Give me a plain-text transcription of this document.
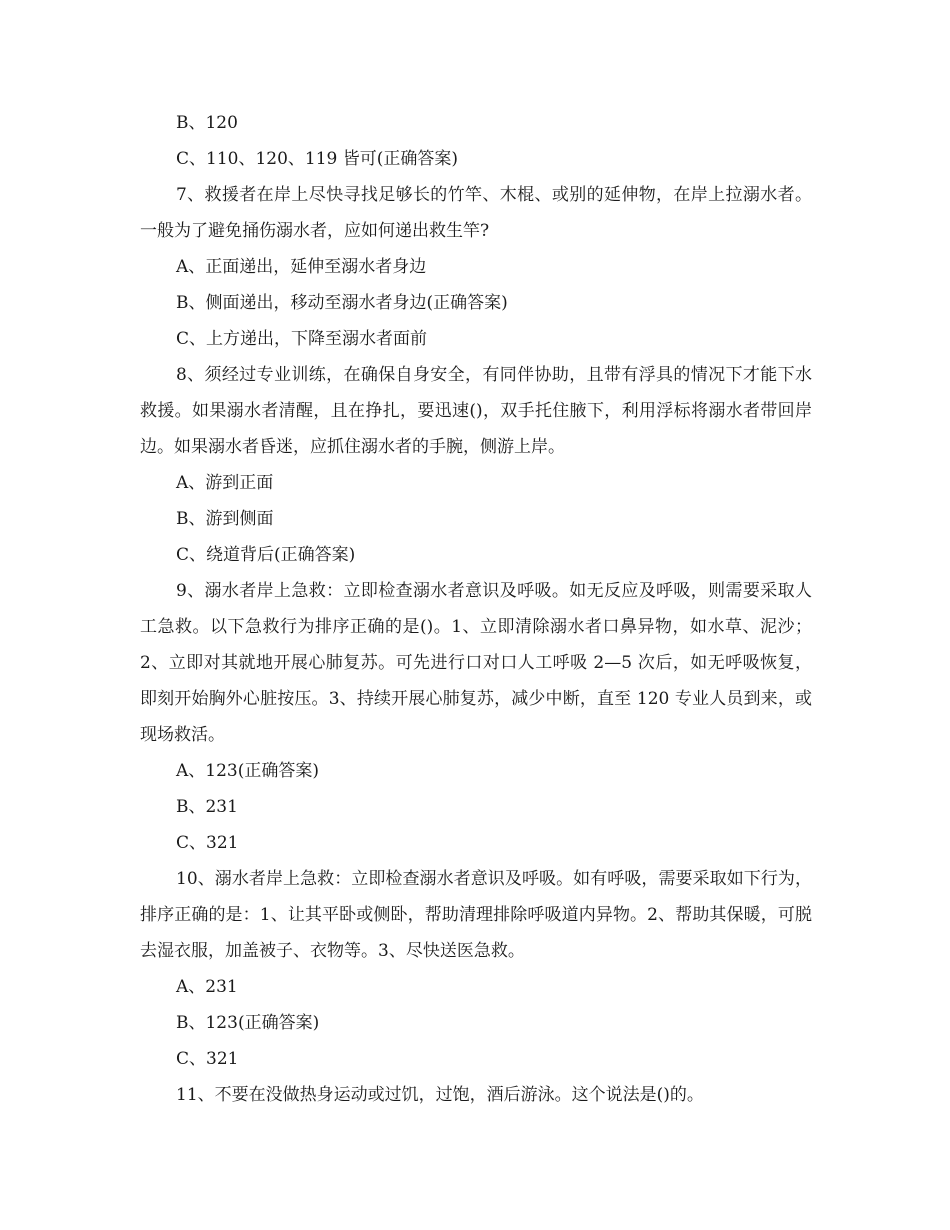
B、120

C、110、120、119 皆可(正确答案)

7、救援者在岸上尽快寻找足够长的竹竿、木棍、或别的延伸物，在岸上拉溺水者。一般为了避免捅伤溺水者，应如何递出救生竿?

A、正面递出，延伸至溺水者身边

B、侧面递出，移动至溺水者身边(正确答案)

C、上方递出，下降至溺水者面前

8、须经过专业训练，在确保自身安全，有同伴协助，且带有浮具的情况下才能下水救援。如果溺水者清醒，且在挣扎，要迅速()，双手托住腋下，利用浮标将溺水者带回岸边。如果溺水者昏迷，应抓住溺水者的手腕，侧游上岸。

A、游到正面

B、游到侧面

C、绕道背后(正确答案)

9、溺水者岸上急救：立即检查溺水者意识及呼吸。如无反应及呼吸，则需要采取人工急救。以下急救行为排序正确的是()。1、立即清除溺水者口鼻异物，如水草、泥沙；2、立即对其就地开展心肺复苏。可先进行口对口人工呼吸 2—5 次后，如无呼吸恢复，即刻开始胸外心脏按压。3、持续开展心肺复苏，减少中断，直至 120 专业人员到来，或现场救活。

A、123(正确答案)

B、231

C、321

10、溺水者岸上急救：立即检查溺水者意识及呼吸。如有呼吸，需要采取如下行为，排序正确的是：1、让其平卧或侧卧，帮助清理排除呼吸道内异物。2、帮助其保暖，可脱去湿衣服，加盖被子、衣物等。3、尽快送医急救。

A、231

B、123(正确答案)

C、321

11、不要在没做热身运动或过饥，过饱，酒后游泳。这个说法是()的。
